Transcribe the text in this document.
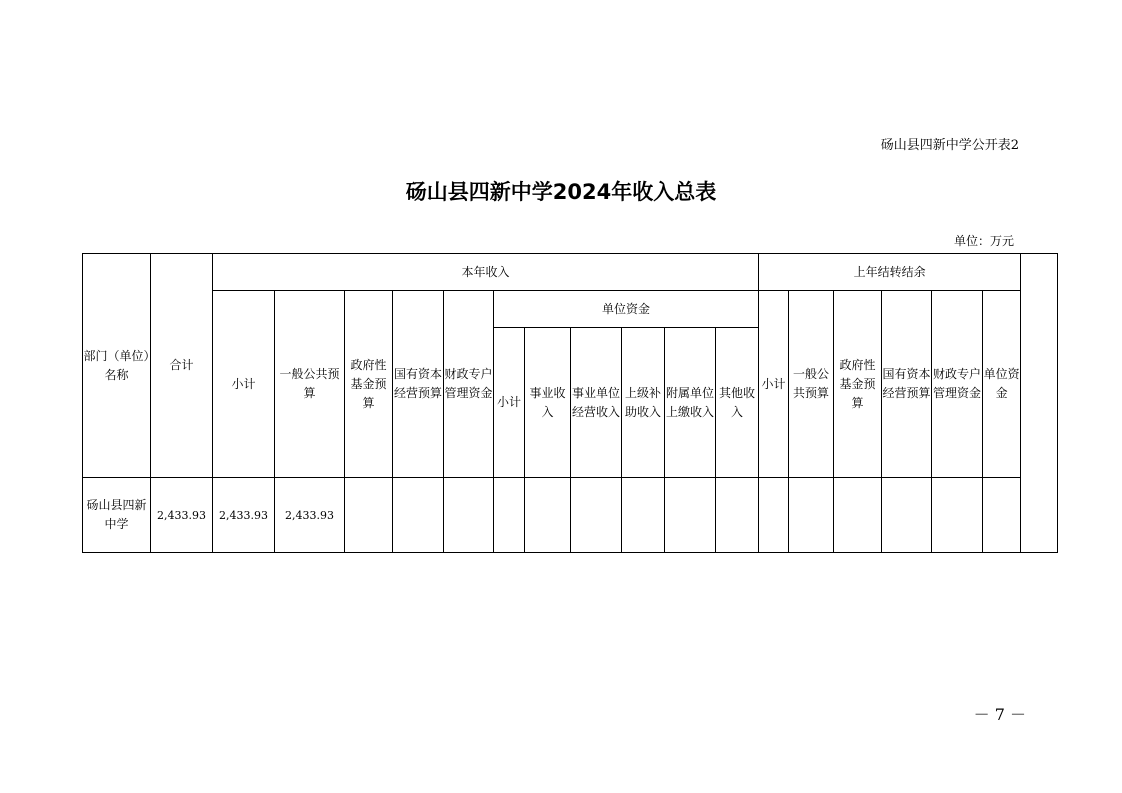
砀山县四新中学公开表2
砀山县四新中学2024年收入总表
单位：万元
部门（单位）名称	合计	本年收入											上年结转结余						
		小计	一般公共预算	政府性基金预算	国有资本经营预算	财政专户管理资金	单位资金						小计	一般公共预算	政府性基金预算	国有资本经营预算	财政专户管理资金	单位资金	
							小计	事业收入	事业单位经营收入	上级补助收入	附属单位上缴收入	其他收入							
砀山县四新中学	2,433.93	2,433.93	2,433.93																
－ 7 －
